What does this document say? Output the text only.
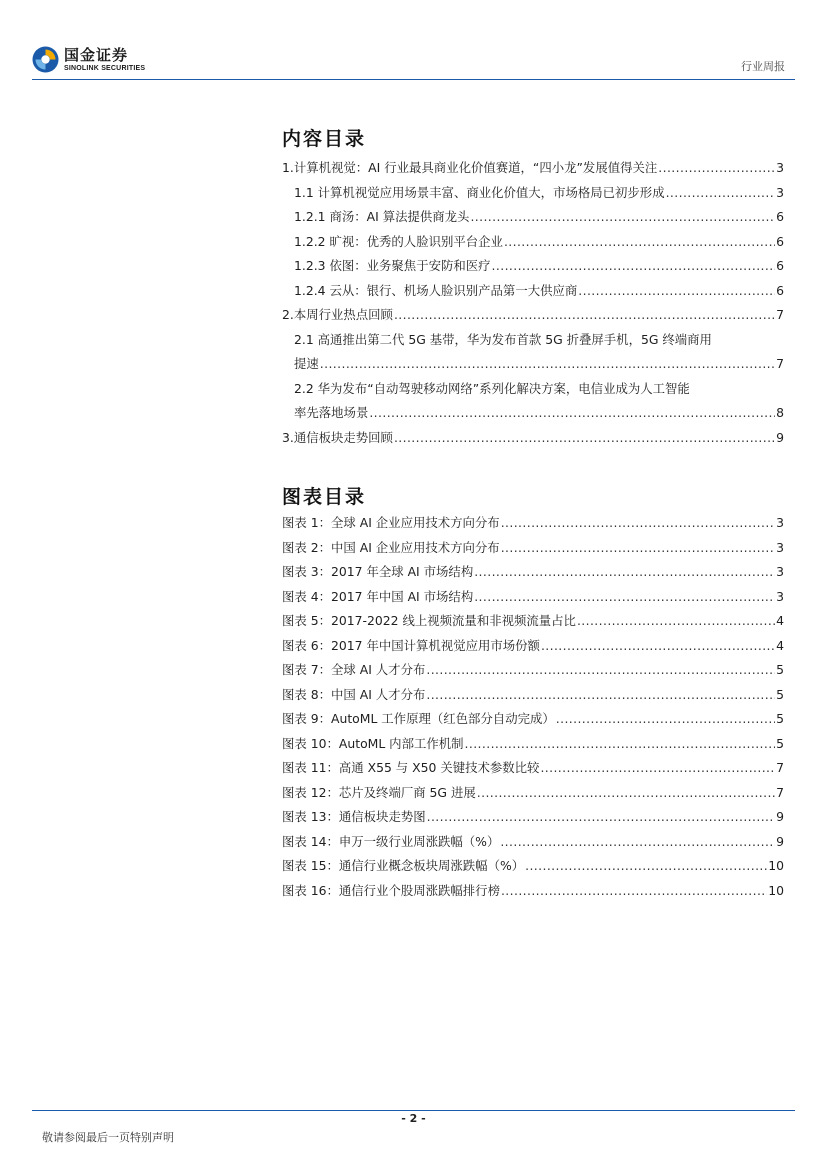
国金证券
SINOLINK SECURITIES	行业周报
内容目录
1.计算机视觉：AI 行业最具商业化价值赛道，“四小龙”发展值得关注 .....	3
1.1 计算机视觉应用场景丰富、商业化价值大，市场格局已初步形成 .....	3
1.2.1 商汤：AI 算法提供商龙头 .....	6
1.2.2 旷视：优秀的人脸识别平台企业 .....	6
1.2.3 依图：业务聚焦于安防和医疗 .....	6
1.2.4 云从：银行、机场人脸识别产品第一大供应商 .....	6
2.本周行业热点回顾 .....	7
2.1 高通推出第二代 5G 基带，华为发布首款 5G 折叠屏手机，5G 终端商用
提速 .....	7
2.2 华为发布“自动驾驶移动网络”系列化解决方案，电信业成为人工智能
率先落地场景 .....	8
3.通信板块走势回顾 .....	9
图表目录
图表 1：全球 AI 企业应用技术方向分布 .....	3
图表 2：中国 AI 企业应用技术方向分布 .....	3
图表 3：2017 年全球 AI 市场结构 .....	3
图表 4：2017 年中国 AI 市场结构 .....	3
图表 5：2017-2022 线上视频流量和非视频流量占比 .....	4
图表 6：2017 年中国计算机视觉应用市场份额 .....	4
图表 7：全球 AI 人才分布 .....	5
图表 8：中国 AI 人才分布 .....	5
图表 9：AutoML 工作原理（红色部分自动完成） .....	5
图表 10：AutoML 内部工作机制 .....	5
图表 11：高通 X55 与 X50 关键技术参数比较 .....	7
图表 12：芯片及终端厂商 5G 进展 .....	7
图表 13：通信板块走势图 .....	9
图表 14：申万一级行业周涨跌幅（%） .....	9
图表 15：通信行业概念板块周涨跌幅（%） .....	10
图表 16：通信行业个股周涨跌幅排行榜 .....	10
- 2 -
敬请参阅最后一页特别声明
